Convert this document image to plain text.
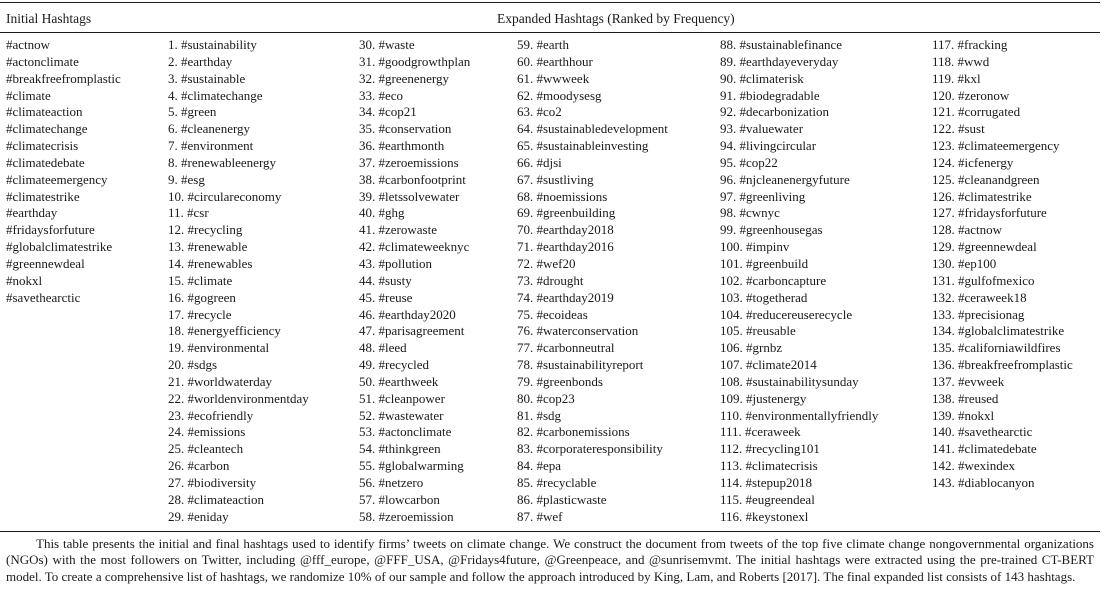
Initial Hashtags	Expanded Hashtags (Ranked by Frequency)
#actnow
#actonclimate
#breakfreefromplastic
#climate
#climateaction
#climatechange
#climatecrisis
#climatedebate
#climateemergency
#climatestrike
#earthday
#fridaysforfuture
#globalclimatestrike
#greennewdeal
#nokxl
#savethearctic
1. #sustainability
2. #earthday
3. #sustainable
4. #climatechange
5. #green
6. #cleanenergy
7. #environment
8. #renewableenergy
9. #esg
10. #circulareconomy
11. #csr
12. #recycling
13. #renewable
14. #renewables
15. #climate
16. #gogreen
17. #recycle
18. #energyefficiency
19. #environmental
20. #sdgs
21. #worldwaterday
22. #worldenvironmentday
23. #ecofriendly
24. #emissions
25. #cleantech
26. #carbon
27. #biodiversity
28. #climateaction
29. #eniday
30. #waste
31. #goodgrowthplan
32. #greenenergy
33. #eco
34. #cop21
35. #conservation
36. #earthmonth
37. #zeroemissions
38. #carbonfootprint
39. #letssolvewater
40. #ghg
41. #zerowaste
42. #climateweeknyc
43. #pollution
44. #susty
45. #reuse
46. #earthday2020
47. #parisagreement
48. #leed
49. #recycled
50. #earthweek
51. #cleanpower
52. #wastewater
53. #actonclimate
54. #thinkgreen
55. #globalwarming
56. #netzero
57. #lowcarbon
58. #zeroemission
59. #earth
60. #earthhour
61. #wwweek
62. #moodysesg
63. #co2
64. #sustainabledevelopment
65. #sustainableinvesting
66. #djsi
67. #sustliving
68. #noemissions
69. #greenbuilding
70. #earthday2018
71. #earthday2016
72. #wef20
73. #drought
74. #earthday2019
75. #ecoideas
76. #waterconservation
77. #carbonneutral
78. #sustainabilityreport
79. #greenbonds
80. #cop23
81. #sdg
82. #carbonemissions
83. #corporateresponsibility
84. #epa
85. #recyclable
86. #plasticwaste
87. #wef
88. #sustainablefinance
89. #earthdayeveryday
90. #climaterisk
91. #biodegradable
92. #decarbonization
93. #valuewater
94. #livingcircular
95. #cop22
96. #njcleanenergyfuture
97. #greenliving
98. #cwnyc
99. #greenhousegas
100. #impinv
101. #greenbuild
102. #carboncapture
103. #togetherad
104. #reducereuserecycle
105. #reusable
106. #grnbz
107. #climate2014
108. #sustainabilitysunday
109. #justenergy
110. #environmentallyfriendly
111. #ceraweek
112. #recycling101
113. #climatecrisis
114. #stepup2018
115. #eugreendeal
116. #keystonexl
117. #fracking
118. #wwd
119. #kxl
120. #zeronow
121. #corrugated
122. #sust
123. #climateemergency
124. #icfenergy
125. #cleanandgreen
126. #climatestrike
127. #fridaysforfuture
128. #actnow
129. #greennewdeal
130. #ep100
131. #gulfofmexico
132. #ceraweek18
133. #precisionag
134. #globalclimatestrike
135. #californiawildfires
136. #breakfreefromplastic
137. #evweek
138. #reused
139. #nokxl
140. #savethearctic
141. #climatedebate
142. #wexindex
143. #diablocanyon
This table presents the initial and final hashtags used to identify firms’ tweets on climate change. We construct the document from tweets of the top five climate change nongovernmental organizations (NGOs) with the most followers on Twitter, including @fff_europe, @FFF_USA, @Fridays4future, @Greenpeace, and @sunrisemvmt. The initial hashtags were extracted using the pre-trained CT-BERT model. To create a comprehensive list of hashtags, we randomize 10% of our sample and follow the approach introduced by King, Lam, and Roberts [2017]. The final expanded list consists of 143 hashtags.
